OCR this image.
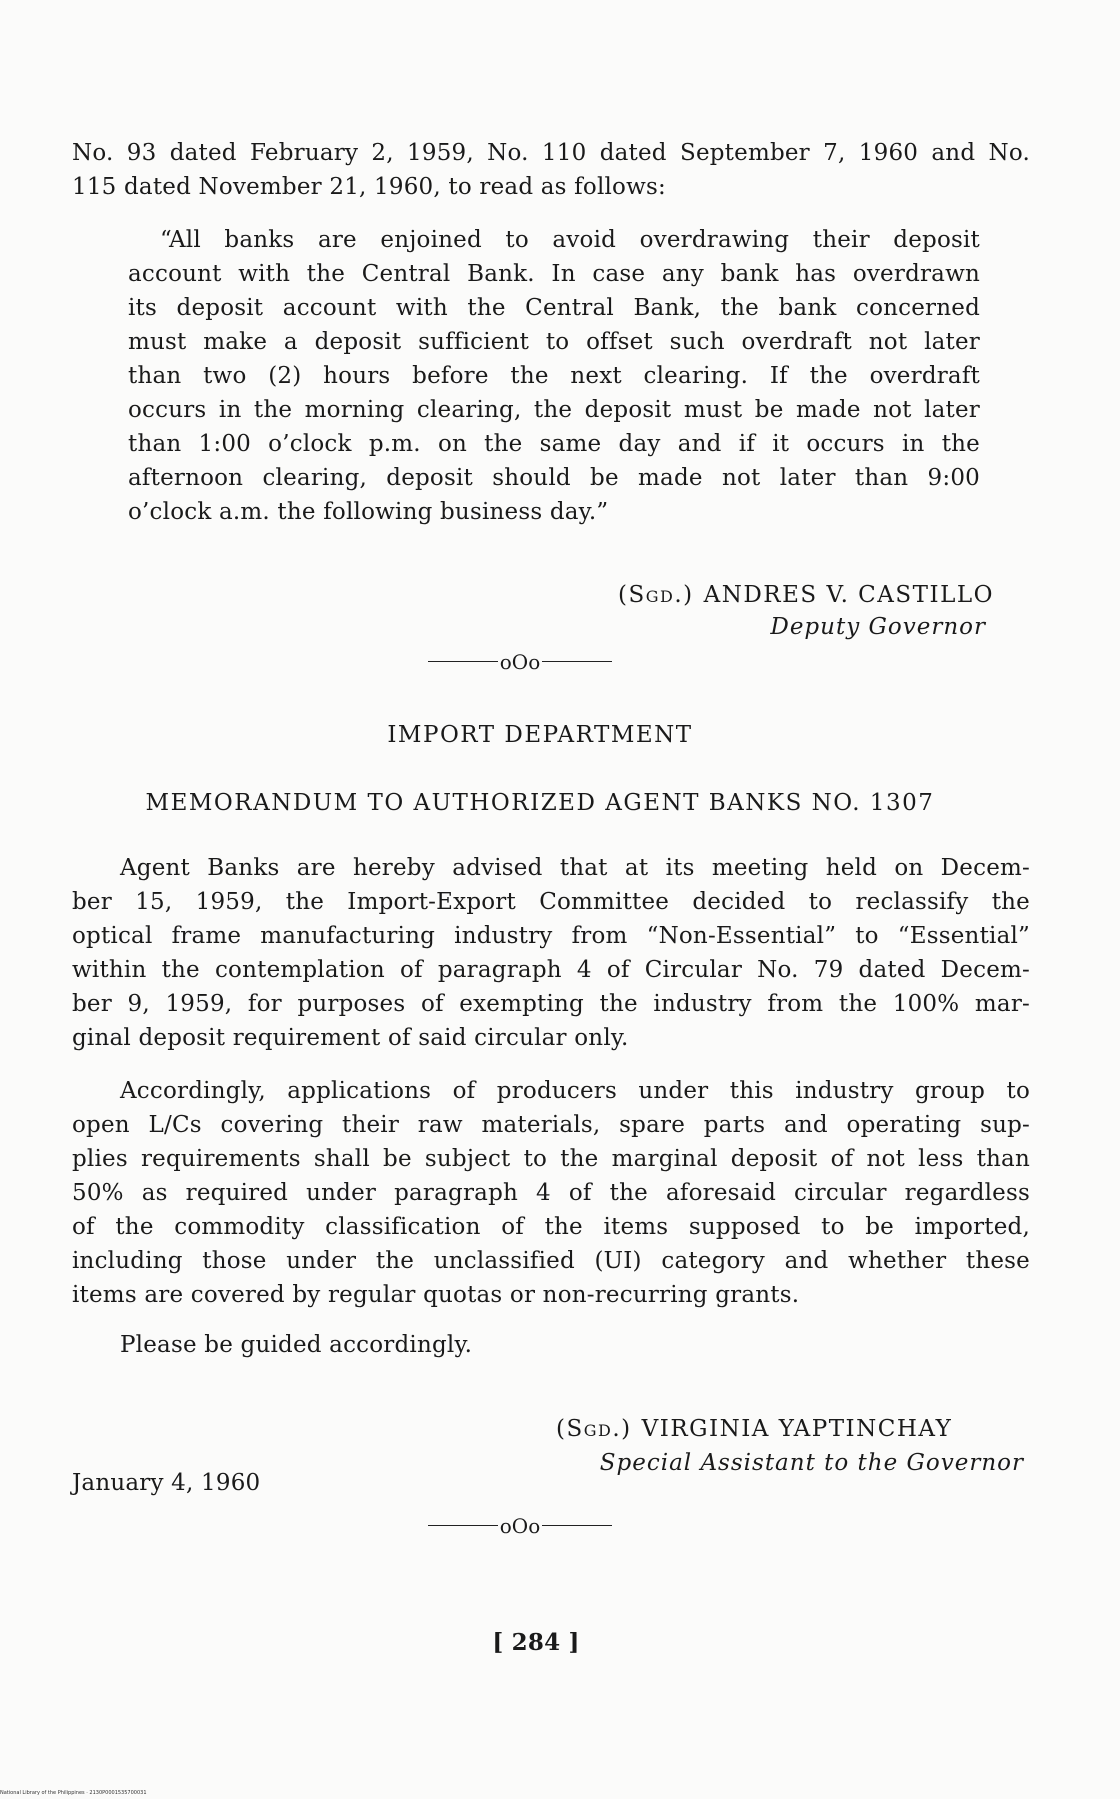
No. 93 dated February 2, 1959, No. 110 dated September 7, 1960 and No.
115 dated November 21, 1960, to read as follows:
“All banks are enjoined to avoid overdrawing their deposit
account with the Central Bank. In case any bank has overdrawn
its deposit account with the Central Bank, the bank concerned
must make a deposit sufficient to offset such overdraft not later
than two (2) hours before the next clearing. If the overdraft
occurs in the morning clearing, the deposit must be made not later
than 1:00 o’clock p.m. on the same day and if it occurs in the
afternoon clearing, deposit should be made not later than 9:00
o’clock a.m. the following business day.”
(Sgd.) ANDRES V. CASTILLO
Deputy Governor
oOo
IMPORT DEPARTMENT
MEMORANDUM TO AUTHORIZED AGENT BANKS NO. 1307
Agent Banks are hereby advised that at its meeting held on Decem-
ber 15, 1959, the Import-Export Committee decided to reclassify the
optical frame manufacturing industry from “Non-Essential” to “Essential”
within the contemplation of paragraph 4 of Circular No. 79 dated Decem-
ber 9, 1959, for purposes of exempting the industry from the 100% mar-
ginal deposit requirement of said circular only.
Accordingly, applications of producers under this industry group to
open L/Cs covering their raw materials, spare parts and operating sup-
plies requirements shall be subject to the marginal deposit of not less than
50% as required under paragraph 4 of the aforesaid circular regardless
of the commodity classification of the items supposed to be imported,
including those under the unclassified (UI) category and whether these
items are covered by regular quotas or non-recurring grants.
Please be guided accordingly.
(Sgd.) VIRGINIA YAPTINCHAY
Special Assistant to the Governor
January 4, 1960
oOo
[ 284 ]
National Library of the Philippines · 2130P0001535700031
